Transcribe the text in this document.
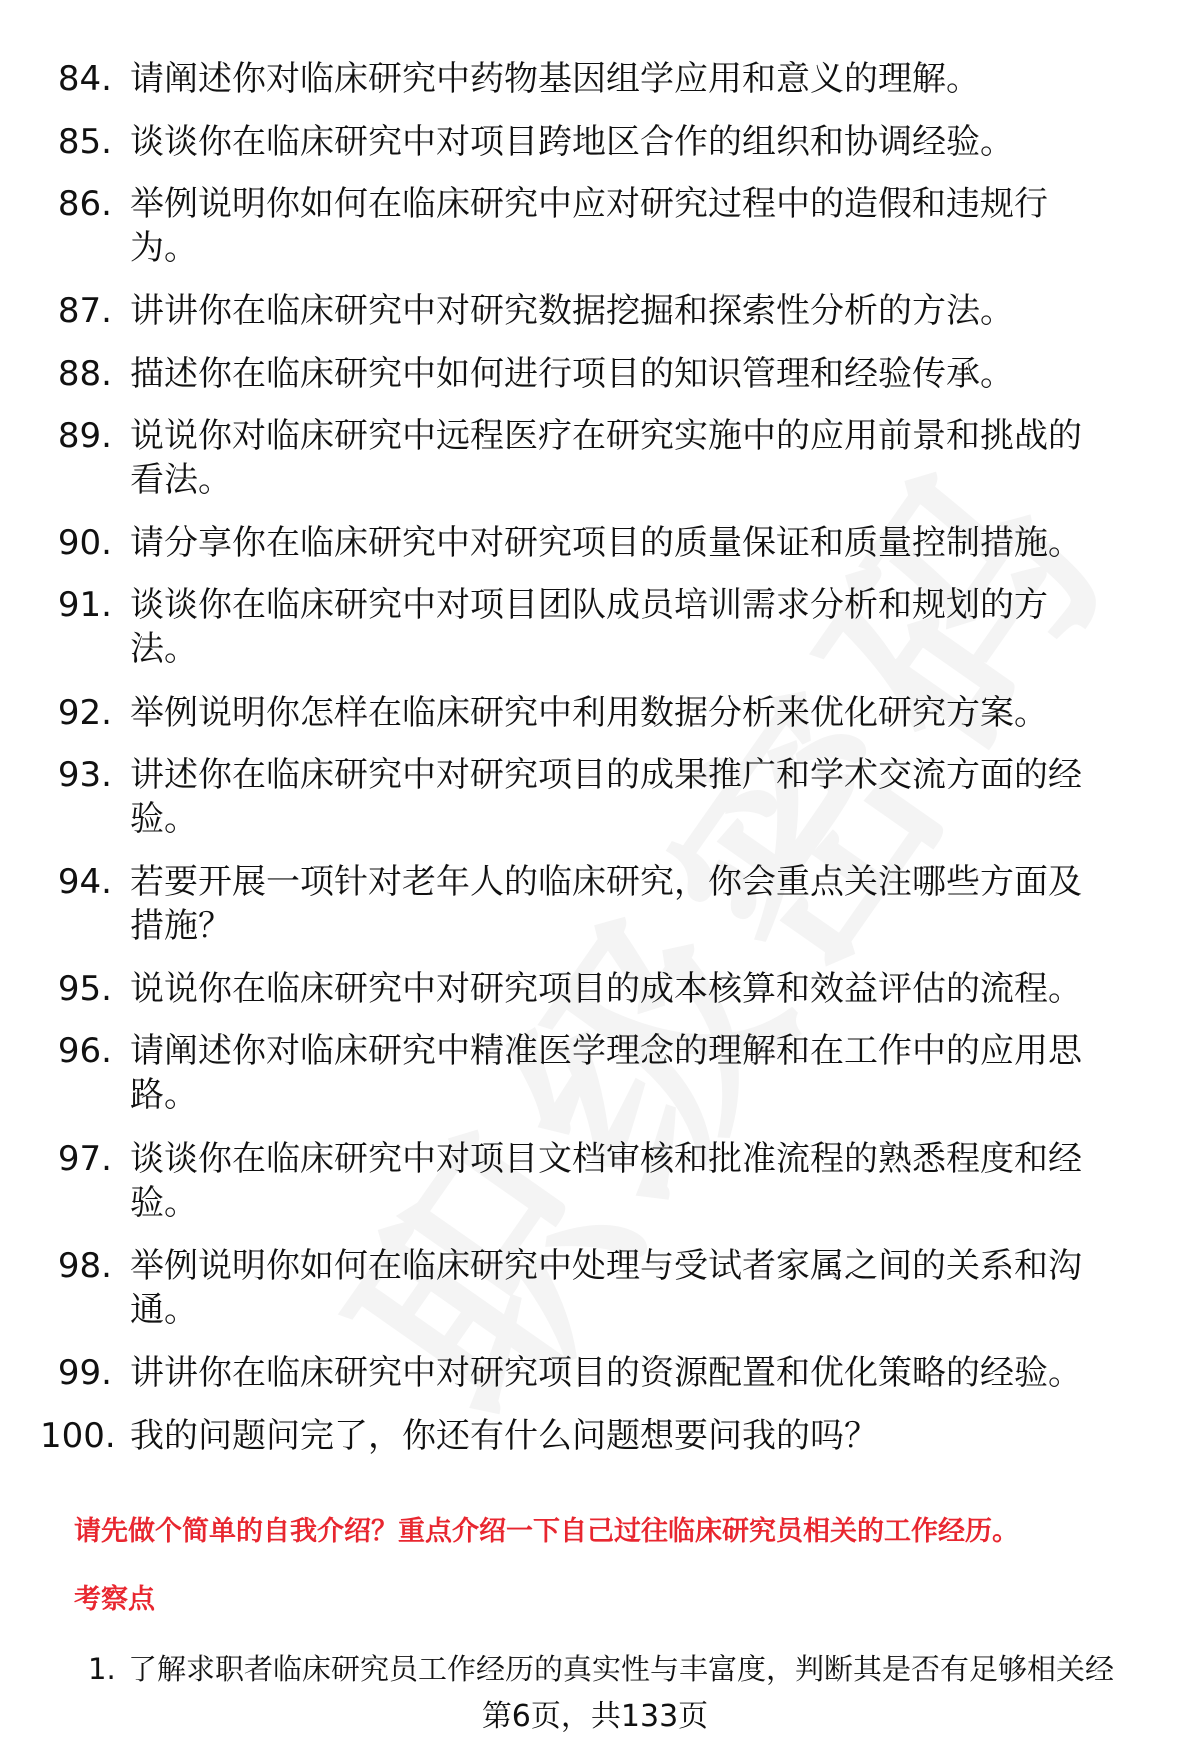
84. 请阐述你对临床研究中药物基因组学应用和意义的理解。
85. 谈谈你在临床研究中对项目跨地区合作的组织和协调经验。
86. 举例说明你如何在临床研究中应对研究过程中的造假和违规行
为。
87. 讲讲你在临床研究中对研究数据挖掘和探索性分析的方法。
88. 描述你在临床研究中如何进行项目的知识管理和经验传承。
89. 说说你对临床研究中远程医疗在研究实施中的应用前景和挑战的
看法。
90. 请分享你在临床研究中对研究项目的质量保证和质量控制措施。
91. 谈谈你在临床研究中对项目团队成员培训需求分析和规划的方
法。
92. 举例说明你怎样在临床研究中利用数据分析来优化研究方案。
93. 讲述你在临床研究中对研究项目的成果推广和学术交流方面的经
验。
94. 若要开展一项针对老年人的临床研究，你会重点关注哪些方面及
措施？
95. 说说你在临床研究中对研究项目的成本核算和效益评估的流程。
96. 请阐述你对临床研究中精准医学理念的理解和在工作中的应用思
路。
97. 谈谈你在临床研究中对项目文档审核和批准流程的熟悉程度和经
验。
98. 举例说明你如何在临床研究中处理与受试者家属之间的关系和沟
通。
99. 讲讲你在临床研究中对研究项目的资源配置和优化策略的经验。
100. 我的问题问完了，你还有什么问题想要问我的吗？
请先做个简单的自我介绍？重点介绍一下自己过往临床研究员相关的工作经历。
考察点
1. 了解求职者临床研究员工作经历的真实性与丰富度，判断其是否有足够相关经
第6页，共133页
